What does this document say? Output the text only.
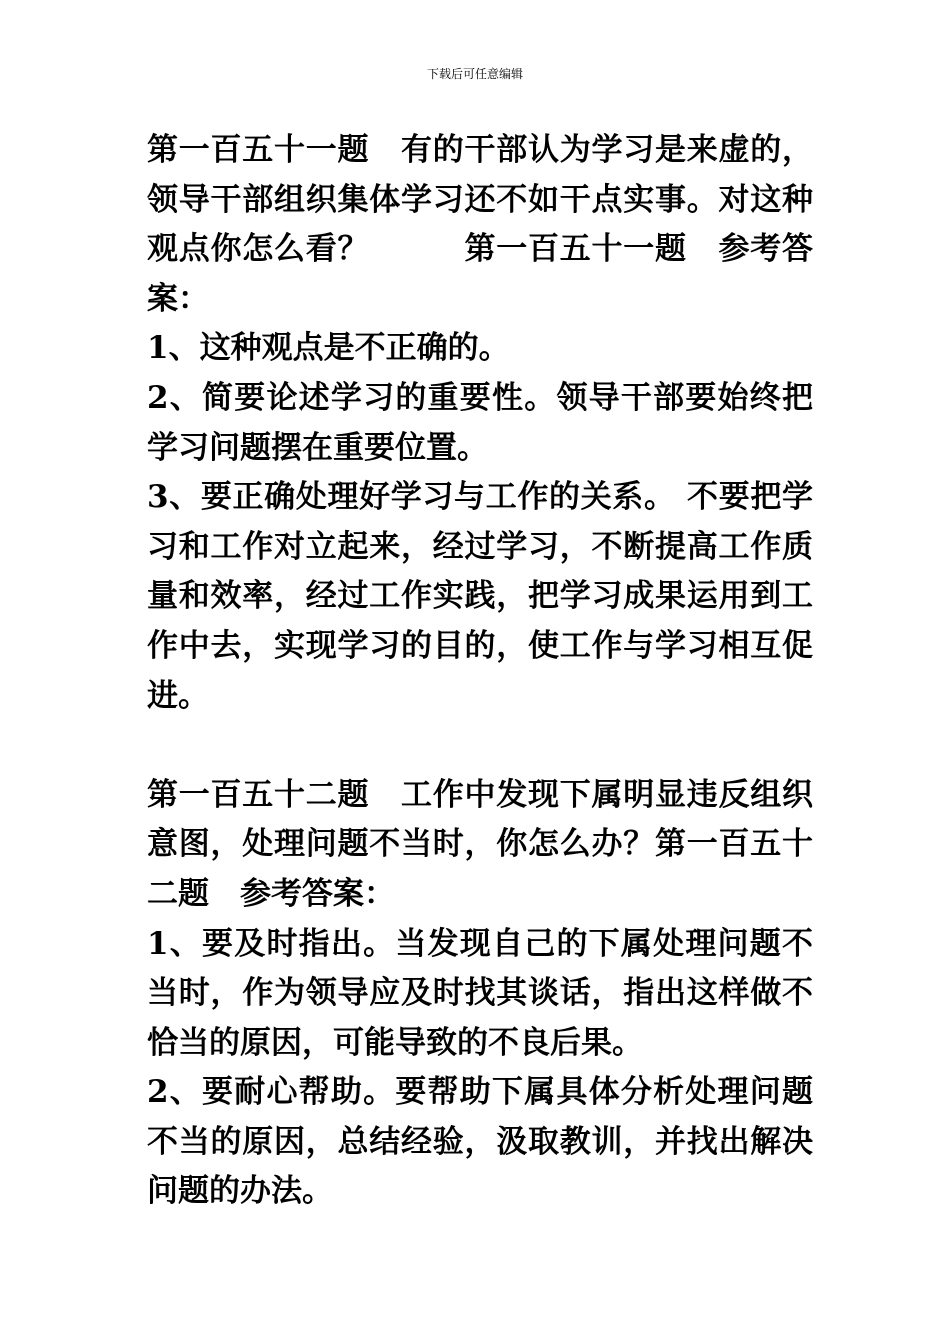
下载后可任意编辑

第一百五十一题　有的干部认为学习是来虚的，领导干部组织集体学习还不如干点实事。对这种观点你怎么看？　　　第一百五十一题　参考答案：

1、这种观点是不正确的。

2、简要论述学习的重要性。领导干部要始终把学习问题摆在重要位置。

3、要正确处理好学习与工作的关系。 不要把学习和工作对立起来，经过学习，不断提高工作质量和效率，经过工作实践，把学习成果运用到工作中去，实现学习的目的，使工作与学习相互促进。

第一百五十二题　工作中发现下属明显违反组织意图，处理问题不当时，你怎么办？第一百五十二题　参考答案：

1、要及时指出。当发现自己的下属处理问题不当时，作为领导应及时找其谈话，指出这样做不恰当的原因，可能导致的不良后果。

2、要耐心帮助。要帮助下属具体分析处理问题不当的原因，总结经验，汲取教训，并找出解决问题的办法。
